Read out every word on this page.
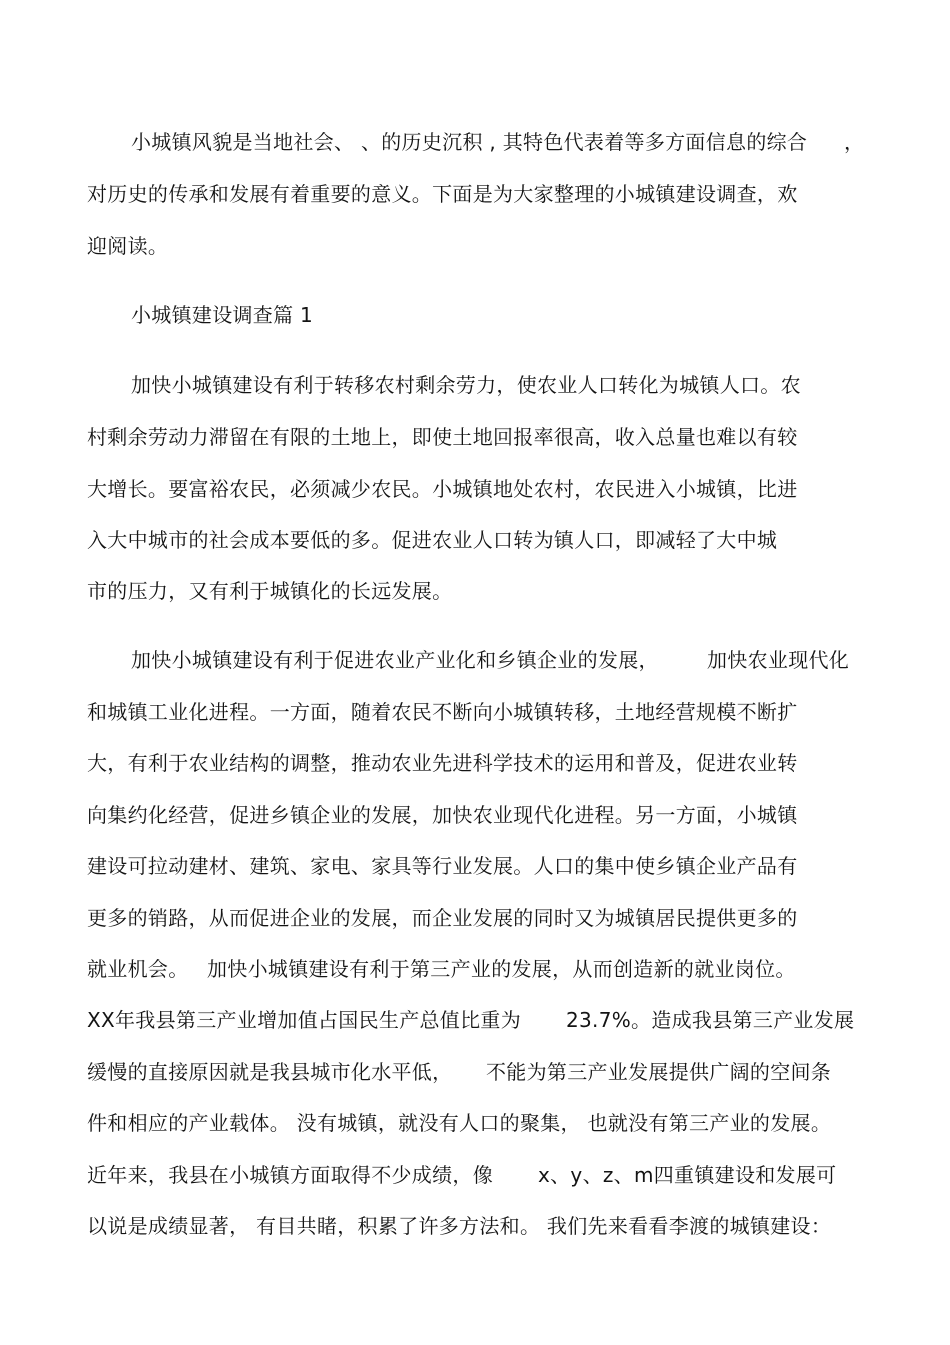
小城镇风貌是当地社会、 、的历史沉积 , 其特色代表着等多方面信息的综合 ，
对历史的传承和发展有着重要的意义。下面是为大家整理的小城镇建设调查，欢
迎阅读。
小城镇建设调查篇 1
加快小城镇建设有利于转移农村剩余劳力，使农业人口转化为城镇人口。农
村剩余劳动力滞留在有限的土地上，即使土地回报率很高，收入总量也难以有较
大增长。要富裕农民，必须减少农民。小城镇地处农村，农民进入小城镇，比进
入大中城市的社会成本要低的多。促进农业人口转为镇人口，即减轻了大中城
市的压力，又有利于城镇化的长远发展。
加快小城镇建设有利于促进农业产业化和乡镇企业的发展， 加快农业现代化
和城镇工业化进程。一方面，随着农民不断向小城镇转移，土地经营规模不断扩
大，有利于农业结构的调整，推动农业先进科学技术的运用和普及，促进农业转
向集约化经营，促进乡镇企业的发展，加快农业现代化进程。另一方面，小城镇
建设可拉动建材、建筑、家电、家具等行业发展。人口的集中使乡镇企业产品有
更多的销路，从而促进企业的发展，而企业发展的同时又为城镇居民提供更多的
就业机会。 加快小城镇建设有利于第三产业的发展，从而创造新的就业岗位。
XX年我县第三产业增加值占国民生产总值比重为 23.7%。造成我县第三产业发展
缓慢的直接原因就是我县城市化水平低， 不能为第三产业发展提供广阔的空间条
件和相应的产业载体。 没有城镇，就没有人口的聚集， 也就没有第三产业的发展。
近年来，我县在小城镇方面取得不少成绩，像 x、y、z、m四重镇建设和发展可
以说是成绩显著， 有目共睹，积累了许多方法和。 我们先来看看李渡的城镇建设：
